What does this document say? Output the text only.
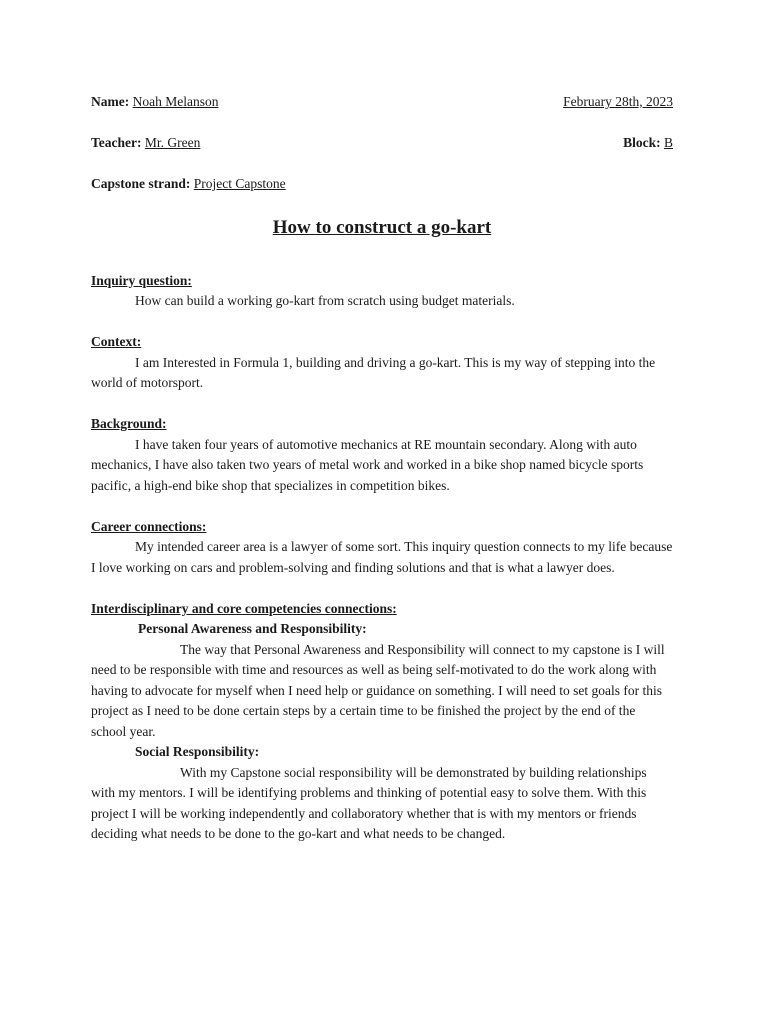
Name: Noah Melanson	February 28th, 2023
Teacher: Mr. Green	Block: B
Capstone strand: Project Capstone
How to construct a go-kart
Inquiry question:

How can build a working go-kart from scratch using budget materials.

Context:

I am Interested in Formula 1, building and driving a go-kart. This is my way of stepping into the world of motorsport.

Background:

I have taken four years of automotive mechanics at RE mountain secondary. Along with auto mechanics, I have also taken two years of metal work and worked in a bike shop named bicycle sports pacific, a high-end bike shop that specializes in competition bikes.

Career connections:

My intended career area is a lawyer of some sort. This inquiry question connects to my life because I love working on cars and problem-solving and finding solutions and that is what a lawyer does.

Interdisciplinary and core competencies connections:
Personal Awareness and Responsibility:

The way that Personal Awareness and Responsibility will connect to my capstone is I will need to be responsible with time and resources as well as being self-motivated to do the work along with having to advocate for myself when I need help or guidance on something. I will need to set goals for this project as I need to be done certain steps by a certain time to be finished the project by the end of the school year.

Social Responsibility:

With my Capstone social responsibility will be demonstrated by building relationships with my mentors. I will be identifying problems and thinking of potential easy to solve them. With this project I will be working independently and collaboratory whether that is with my mentors or friends deciding what needs to be done to the go-kart and what needs to be changed.
